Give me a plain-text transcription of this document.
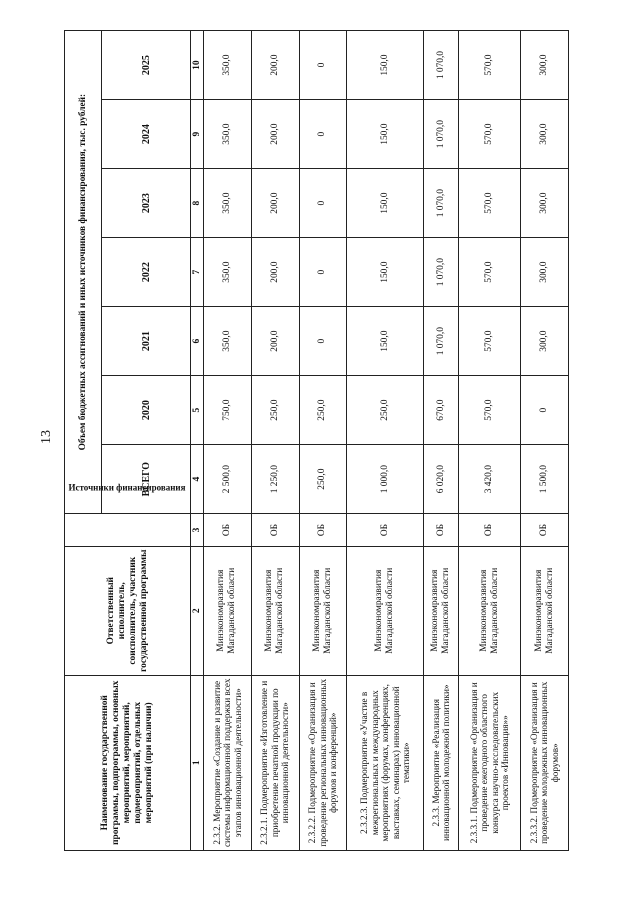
13
Наименование государственной программы, подпрограммы, основных мероприятий, мероприятий, подмероприятий, отдельных мероприятий (при наличии)	Ответственный исполнитель, соисполнитель, участник государственной программы	Источники финансирования	Объем бюджетных ассигнований и иных источников финансирования, тыс. рублей:						
			ВСЕГО	2020	2021	2022	2023	2024	2025
1	2	3	4	5	6	7	8	9	10
2.3.2. Мероприятие «Создание и развитие системы информационной поддержки всех этапов инновационной деятельности»	Минэкономразвития Магаданской области	ОБ	2 500,0	750,0	350,0	350,0	350,0	350,0	350,0
2.3.2.1. Подмероприятие «Изготовление и приобретение печатной продукции по инновационной деятельности»	Минэкономразвития Магаданской области	ОБ	1 250,0	250,0	200,0	200,0	200,0	200,0	200,0
2.3.2.2. Подмероприятие «Организация и проведение региональных инновационных форумов и конференций»	Минэкономразвития Магаданской области	ОБ	250,0	250,0	0	0	0	0	0
2.3.2.3. Подмероприятие «Участие в межрегиональных и международных мероприятиях (форумах, конференциях, выставках, семинарах) инновационной тематики»	Минэкономразвития Магаданской области	ОБ	1 000,0	250,0	150,0	150,0	150,0	150,0	150,0
2.3.3. Мероприятие «Реализация инновационной молодежной политики»	Минэкономразвития Магаданской области	ОБ	6 020,0	670,0	1 070,0	1 070,0	1 070,0	1 070,0	1 070,0
2.3.3.1. Подмероприятие «Организация и проведение ежегодного областного конкурса научно-исследовательских проектов «Инновация»»	Минэкономразвития Магаданской области	ОБ	3 420,0	570,0	570,0	570,0	570,0	570,0	570,0
2.3.3.2. Подмероприятие «Организация и проведение молодежных инновационных форумов»	Минэкономразвития Магаданской области	ОБ	1 500,0	0	300,0	300,0	300,0	300,0	300,0
